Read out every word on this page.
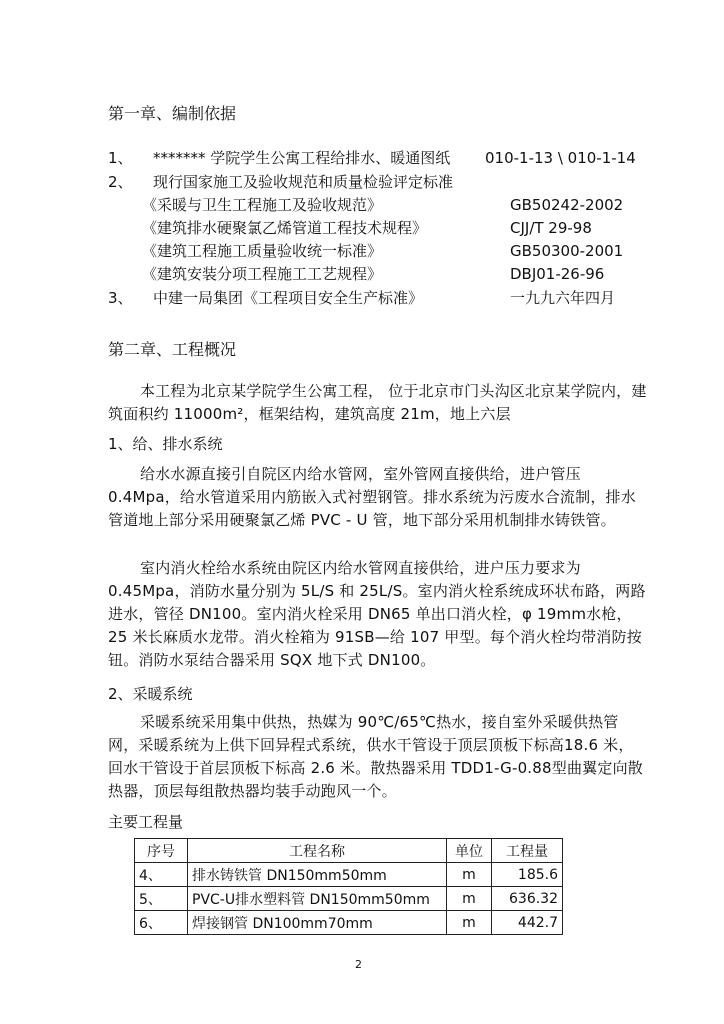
第一章、编制依据
1、 ******* 学院学生公寓工程给排水、暖通图纸 010-1-13 \ 010-1-14
2、 现行国家施工及验收规范和质量检验评定标准
《采暖与卫生工程施工及验收规范》	GB50242-2002
《建筑排水硬聚氯乙烯管道工程技术规程》	CJJ/T 29-98
《建筑工程施工质量验收统一标准》	GB50300-2001
《建筑安装分项工程施工工艺规程》	DBJ01-26-96
3、 中建一局集团《工程项目安全生产标准》	一九九六年四月
第二章、工程概况
本工程为北京某学院学生公寓工程， 位于北京市门头沟区北京某学院内，建筑面积约 11000m²，框架结构，建筑高度 21m，地上六层
1、给、排水系统
给水水源直接引自院区内给水管网，室外管网直接供给，进户管压0.4Mpa，给水管道采用内筋嵌入式衬塑钢管。排水系统为污废水合流制，排水管道地上部分采用硬聚氯乙烯 PVC - U 管，地下部分采用机制排水铸铁管。
室内消火栓给水系统由院区内给水管网直接供给，进户压力要求为0.45Mpa，消防水量分别为 5L/S 和 25L/S。室内消火栓系统成环状布路，两路进水，管径 DN100。室内消火栓采用 DN65 单出口消火栓，φ 19mm水枪，25 米长麻质水龙带。消火栓箱为 91SB—给 107 甲型。每个消火栓均带消防按钮。消防水泵结合器采用 SQX 地下式 DN100。
2、采暖系统
采暖系统采用集中供热，热媒为 90℃/65℃热水，接自室外采暖供热管网，采暖系统为上供下回异程式系统，供水干管设于顶层顶板下标高18.6 米，回水干管设于首层顶板下标高 2.6 米。散热器采用 TDD1-G-0.88型曲翼定向散热器，顶层每组散热器均装手动跑风一个。
主要工程量
序号	工程名称	单位	工程量
4、	排水铸铁管 DN150mm50mm	m	185.6
5、	PVC-U排水塑料管 DN150mm50mm	m	636.32
6、	焊接钢管 DN100mm70mm	m	442.7
2
